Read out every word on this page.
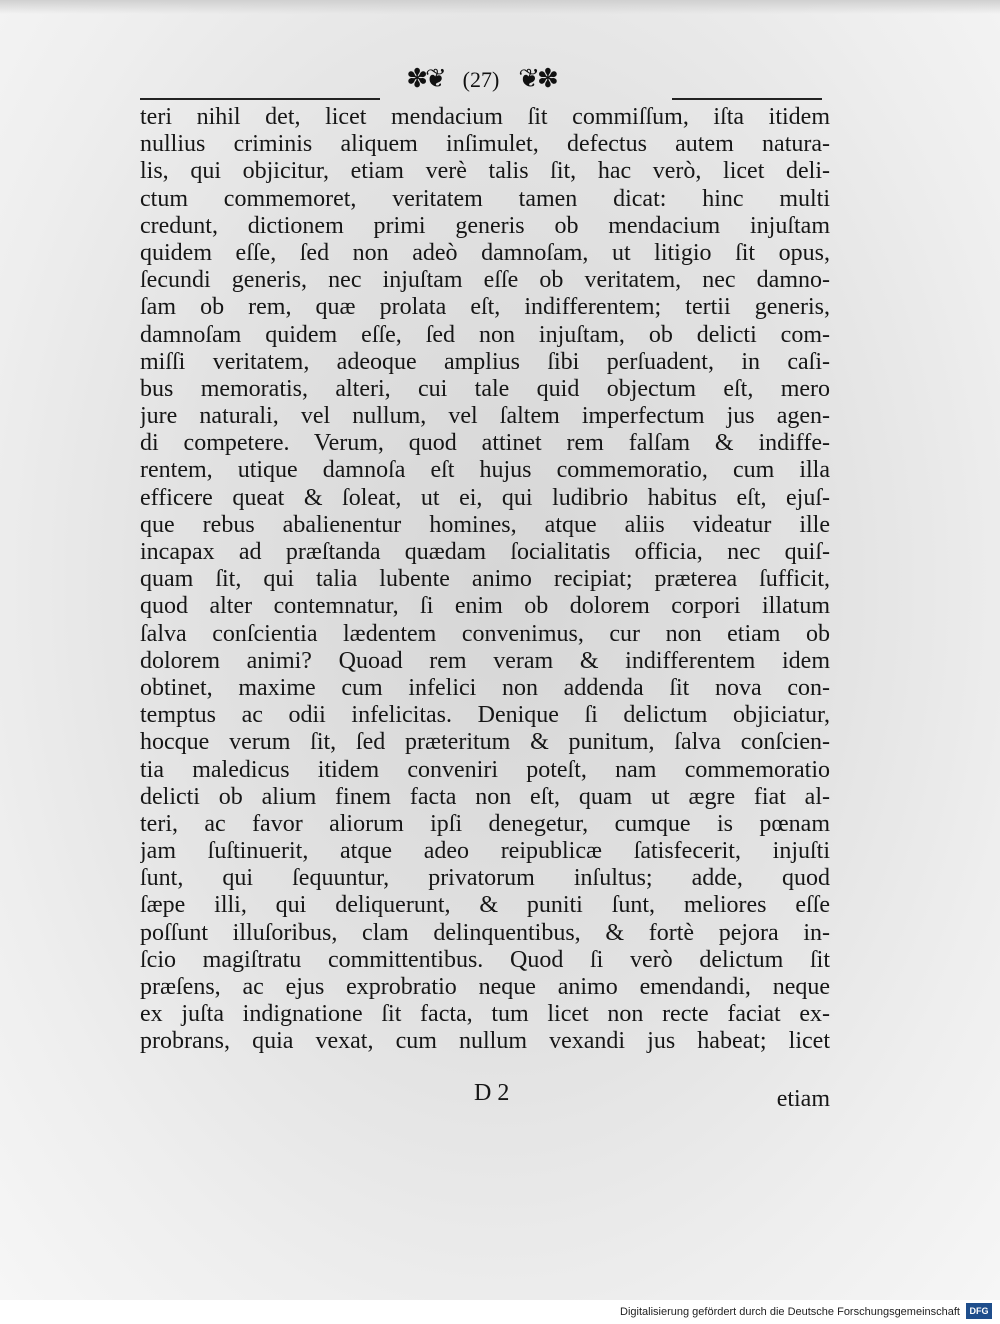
✽❦ (27) ❦✽
teri nihil det, licet mendacium ſit commiſſum, iſta itidem
nullius criminis aliquem inſimulet, defectus autem natura-
lis, qui objicitur, etiam verè talis ſit, hac verò, licet deli-
ctum commemoret, veritatem tamen dicat: hinc multi
credunt, dictionem primi generis ob mendacium injuſtam
quidem eſſe, ſed non adeò damnoſam, ut litigio ſit opus,
ſecundi generis, nec injuſtam eſſe ob veritatem, nec damno-
ſam ob rem, quæ prolata eſt, indifferentem; tertii generis,
damnoſam quidem eſſe, ſed non injuſtam, ob delicti com-
miſſi veritatem, adeoque amplius ſibi perſuadent, in caſi-
bus memoratis, alteri, cui tale quid objectum eſt, mero
jure naturali, vel nullum, vel ſaltem imperfectum jus agen-
di competere. Verum, quod attinet rem falſam & indiffe-
rentem, utique damnoſa eſt hujus commemoratio, cum illa
efficere queat & ſoleat, ut ei, qui ludibrio habitus eſt, ejuſ-
que rebus abalienentur homines, atque aliis videatur ille
incapax ad præſtanda quædam ſocialitatis officia, nec quiſ-
quam ſit, qui talia lubente animo recipiat; præterea ſufficit,
quod alter contemnatur, ſi enim ob dolorem corpori illatum
ſalva conſcientia lædentem convenimus, cur non etiam ob
dolorem animi? Quoad rem veram & indifferentem idem
obtinet, maxime cum infelici non addenda ſit nova con-
temptus ac odii infelicitas. Denique ſi delictum objiciatur,
hocque verum ſit, ſed præteritum & punitum, ſalva conſcien-
tia maledicus itidem conveniri poteſt, nam commemoratio
delicti ob alium finem facta non eſt, quam ut ægre fiat al-
teri, ac favor aliorum ipſi denegetur, cumque is pœnam
jam ſuſtinuerit, atque adeo reipublicæ ſatisfecerit, injuſti
ſunt, qui ſequuntur, privatorum inſultus; adde, quod
ſæpe illi, qui deliquerunt, & puniti ſunt, meliores eſſe
poſſunt illuſoribus, clam delinquentibus, & fortè pejora in-
ſcio magiſtratu committentibus. Quod ſi verò delictum ſit
præſens, ac ejus exprobratio neque animo emendandi, neque
ex juſta indignatione ſit facta, tum licet non recte faciat ex-
probrans, quia vexat, cum nullum vexandi jus habeat; licet
D 2	etiam
Digitalisierung gefördert durch die Deutsche Forschungsgemeinschaft	DFG
